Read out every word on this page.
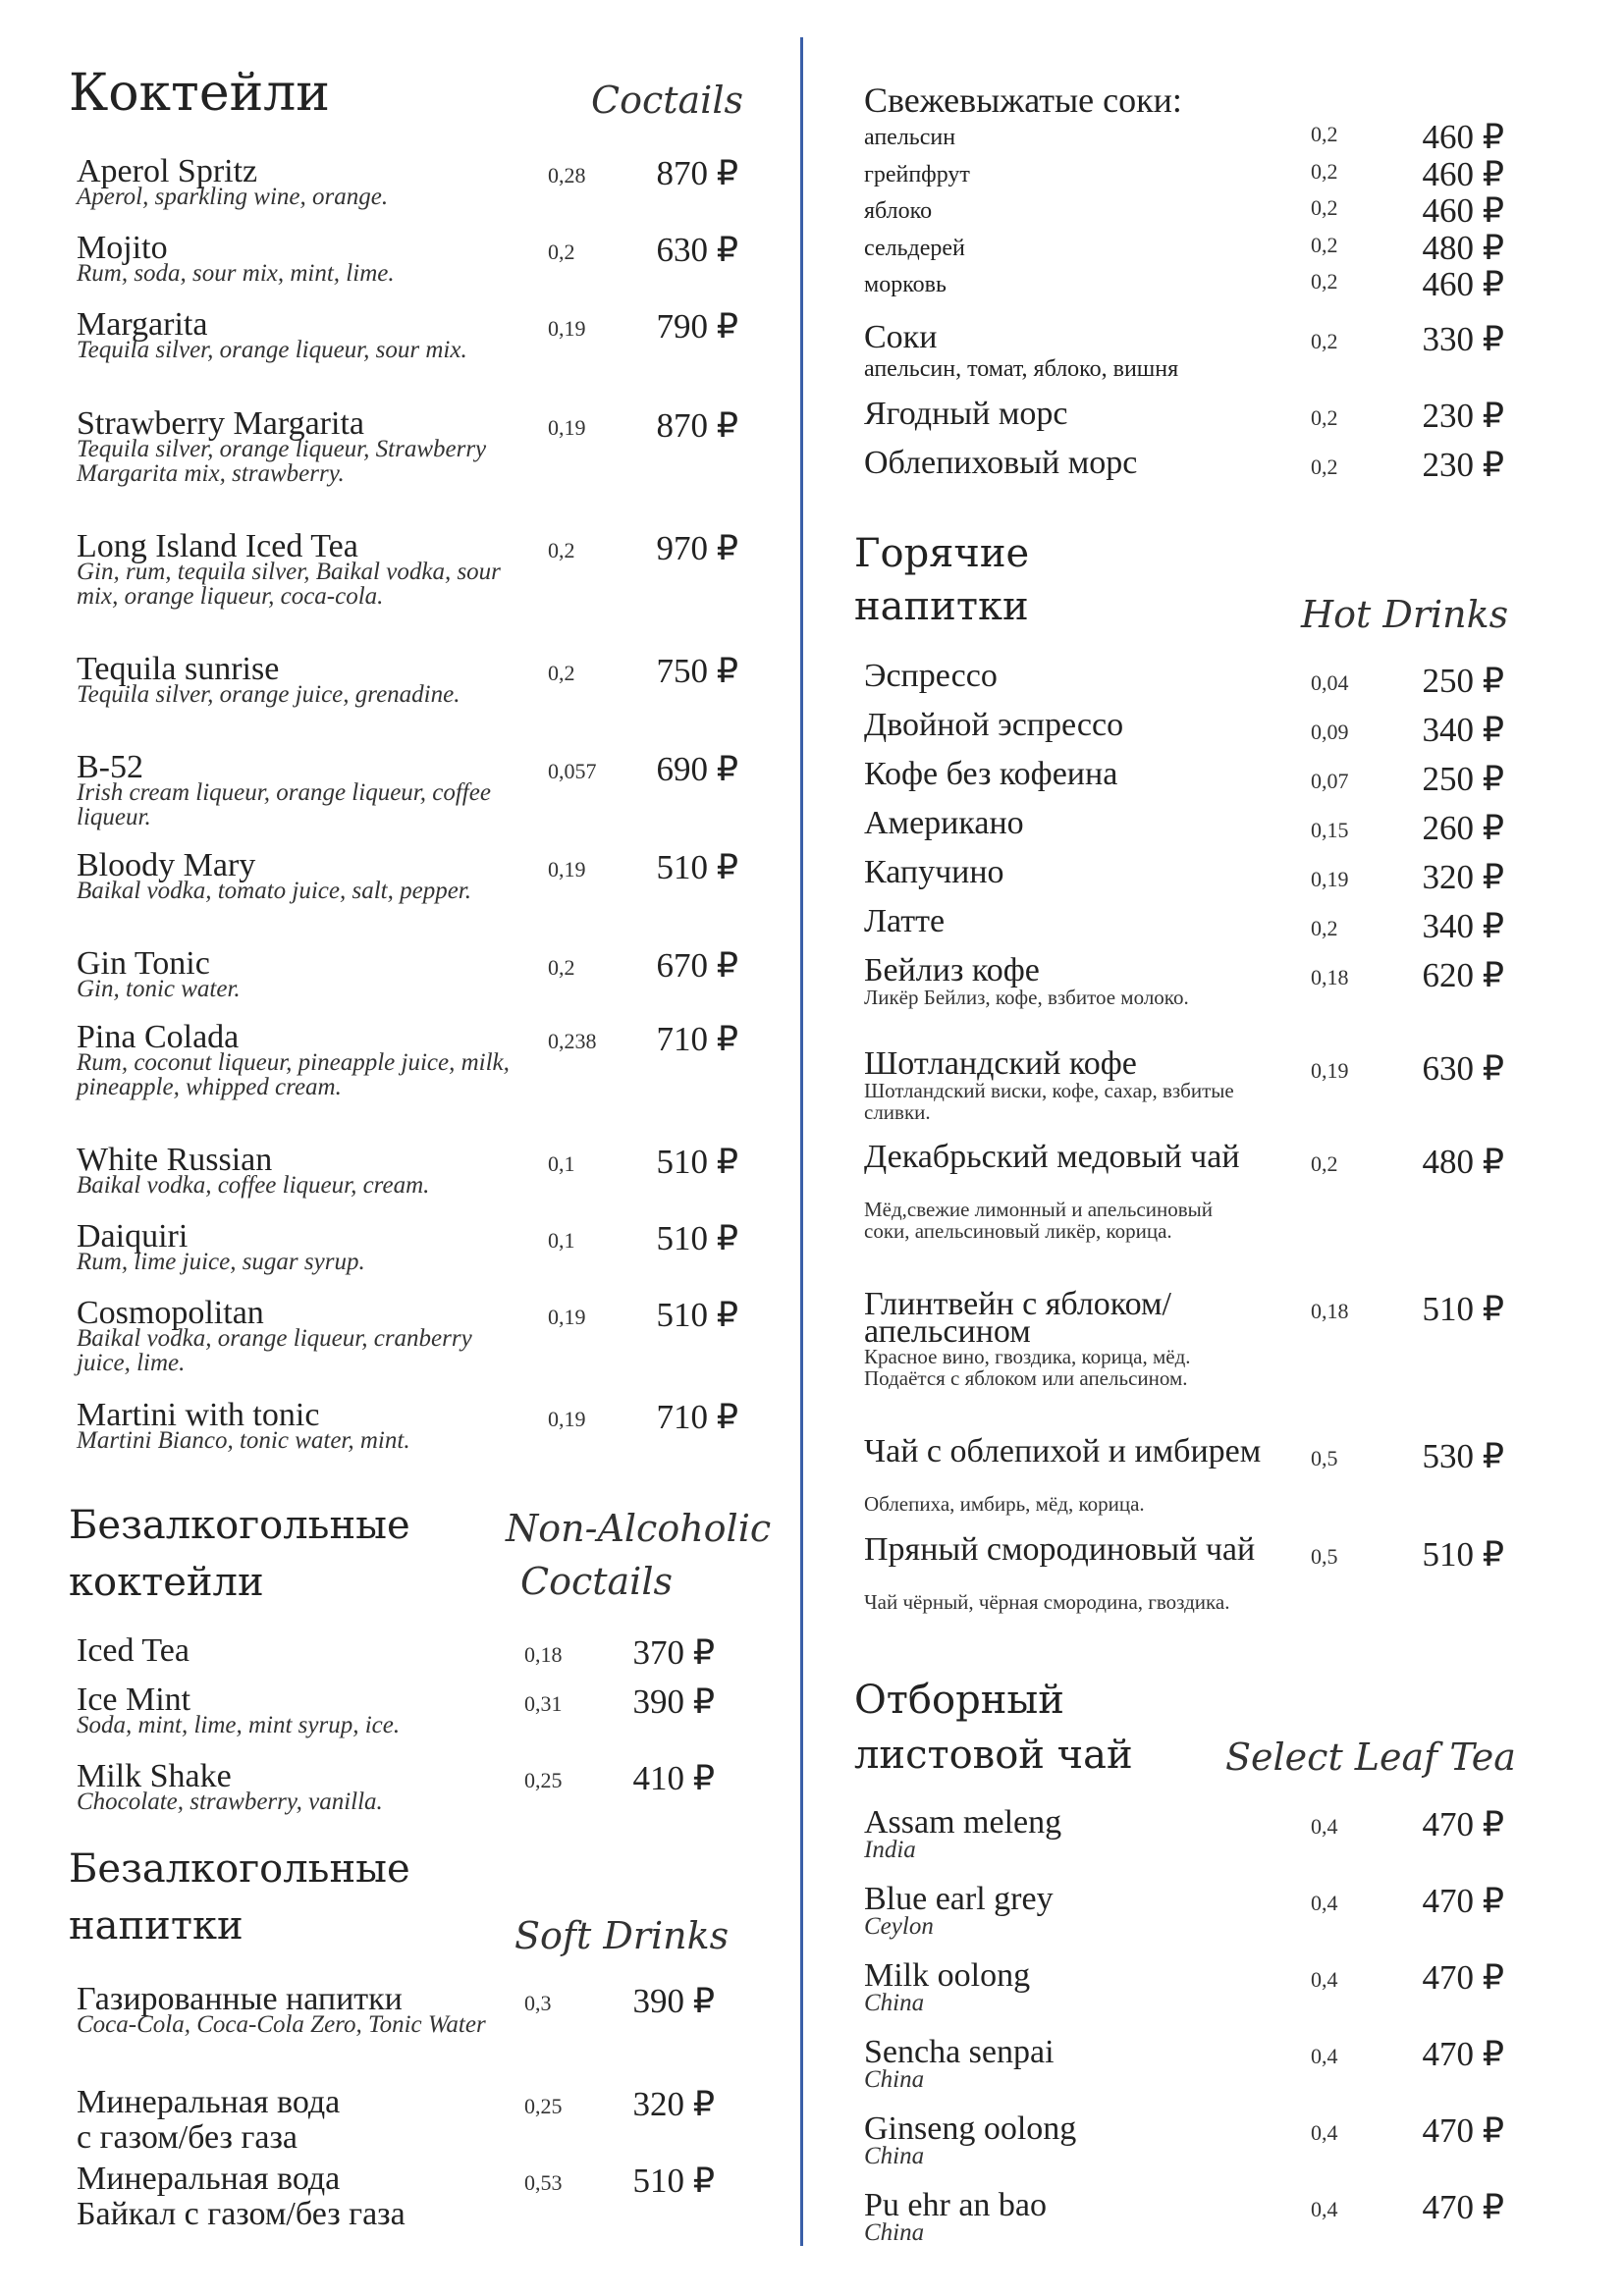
Коктейли	Coctails
Aperol Spritz
Aperol, sparkling wine, orange.
0,28	870 ₽
Mojito
Rum, soda, sour mix, mint, lime.
0,2	630 ₽
Margarita
Tequila silver, orange liqueur, sour mix.
0,19	790 ₽
Strawberry Margarita
Tequila silver, orange liqueur, Strawberry Margarita mix, strawberry.
0,19	870 ₽
Long Island Iced Tea
Gin, rum, tequila silver, Baikal vodka, sour mix, orange liqueur, coca-cola.
0,2	970 ₽
Tequila sunrise
Tequila silver, orange juice, grenadine.
0,2	750 ₽
B-52
Irish cream liqueur, orange liqueur, coffee liqueur.
0,057	690 ₽
Bloody Mary
Baikal vodka, tomato juice, salt, pepper.
0,19	510 ₽
Gin Tonic
Gin, tonic water.
0,2	670 ₽
Pina Colada
Rum, coconut liqueur, pineapple juice, milk, pineapple, whipped cream.
0,238	710 ₽
White Russian
Baikal vodka, coffee liqueur, cream.
0,1	510 ₽
Daiquiri
Rum, lime juice, sugar syrup.
0,1	510 ₽
Cosmopolitan
Baikal vodka, orange liqueur, cranberry juice, lime.
0,19	510 ₽
Martini with tonic
Martini Bianco, tonic water, mint.
0,19	710 ₽
Безалкогольные
коктейли
Non-Alcoholic
Coctails
Iced Tea	0,18	370 ₽
Ice Mint
Soda, mint, lime, mint syrup, ice.
0,31	390 ₽
Milk Shake
Chocolate, strawberry, vanilla.
0,25	410 ₽
Безалкогольные
напитки	Soft Drinks
Газированные напитки
Coca-Cola, Coca-Cola Zero, Tonic Water
0,3	390 ₽
Минеральная вода
с газом/без газа
0,25	320 ₽
Минеральная вода
Байкал с газом/без газа
0,53	510 ₽
Свежевыжатые соки:
апельсин	0,2	460 ₽
грейпфрут	0,2	460 ₽
яблоко	0,2	460 ₽
сельдерей	0,2	480 ₽
морковь	0,2	460 ₽
Соки
апельсин, томат, яблоко, вишня
0,2	330 ₽
Ягодный морс	0,2	230 ₽
Облепиховый морс	0,2	230 ₽
Горячие
напитки	Hot Drinks
Эспрессо	0,04	250 ₽
Двойной эспрессо	0,09	340 ₽
Кофе без кофеина	0,07	250 ₽
Американо	0,15	260 ₽
Капучино	0,19	320 ₽
Латте	0,2	340 ₽
Бейлиз кофе
Ликёр Бейлиз, кофе, взбитое молоко.
0,18	620 ₽
Шотландский кофе
Шотландский виски, кофе, сахар, взбитые сливки.
0,19	630 ₽
Декабрьский медовый чай
Мёд,свежие лимонный и апельсиновый соки, апельсиновый ликёр, корица.
0,2	480 ₽
Глинтвейн с яблоком/ апельсином
Красное вино, гвоздика, корица, мёд. Подаётся с яблоком или апельсином.
0,18	510 ₽
Чай с облепихой и имбирем
Облепиха, имбирь, мёд, корица.
0,5	530 ₽
Пряный смородиновый чай
Чай чёрный, чёрная смородина, гвоздика.
0,5	510 ₽
Отборный
листовой чай Select Leaf Tea
Assam meleng
India
0,4	470 ₽
Blue earl grey
Ceylon
0,4	470 ₽
Milk oolong
China
0,4	470 ₽
Sencha senpai
China
0,4	470 ₽
Ginseng oolong
China
0,4	470 ₽
Pu ehr an bao
China
0,4	470 ₽
